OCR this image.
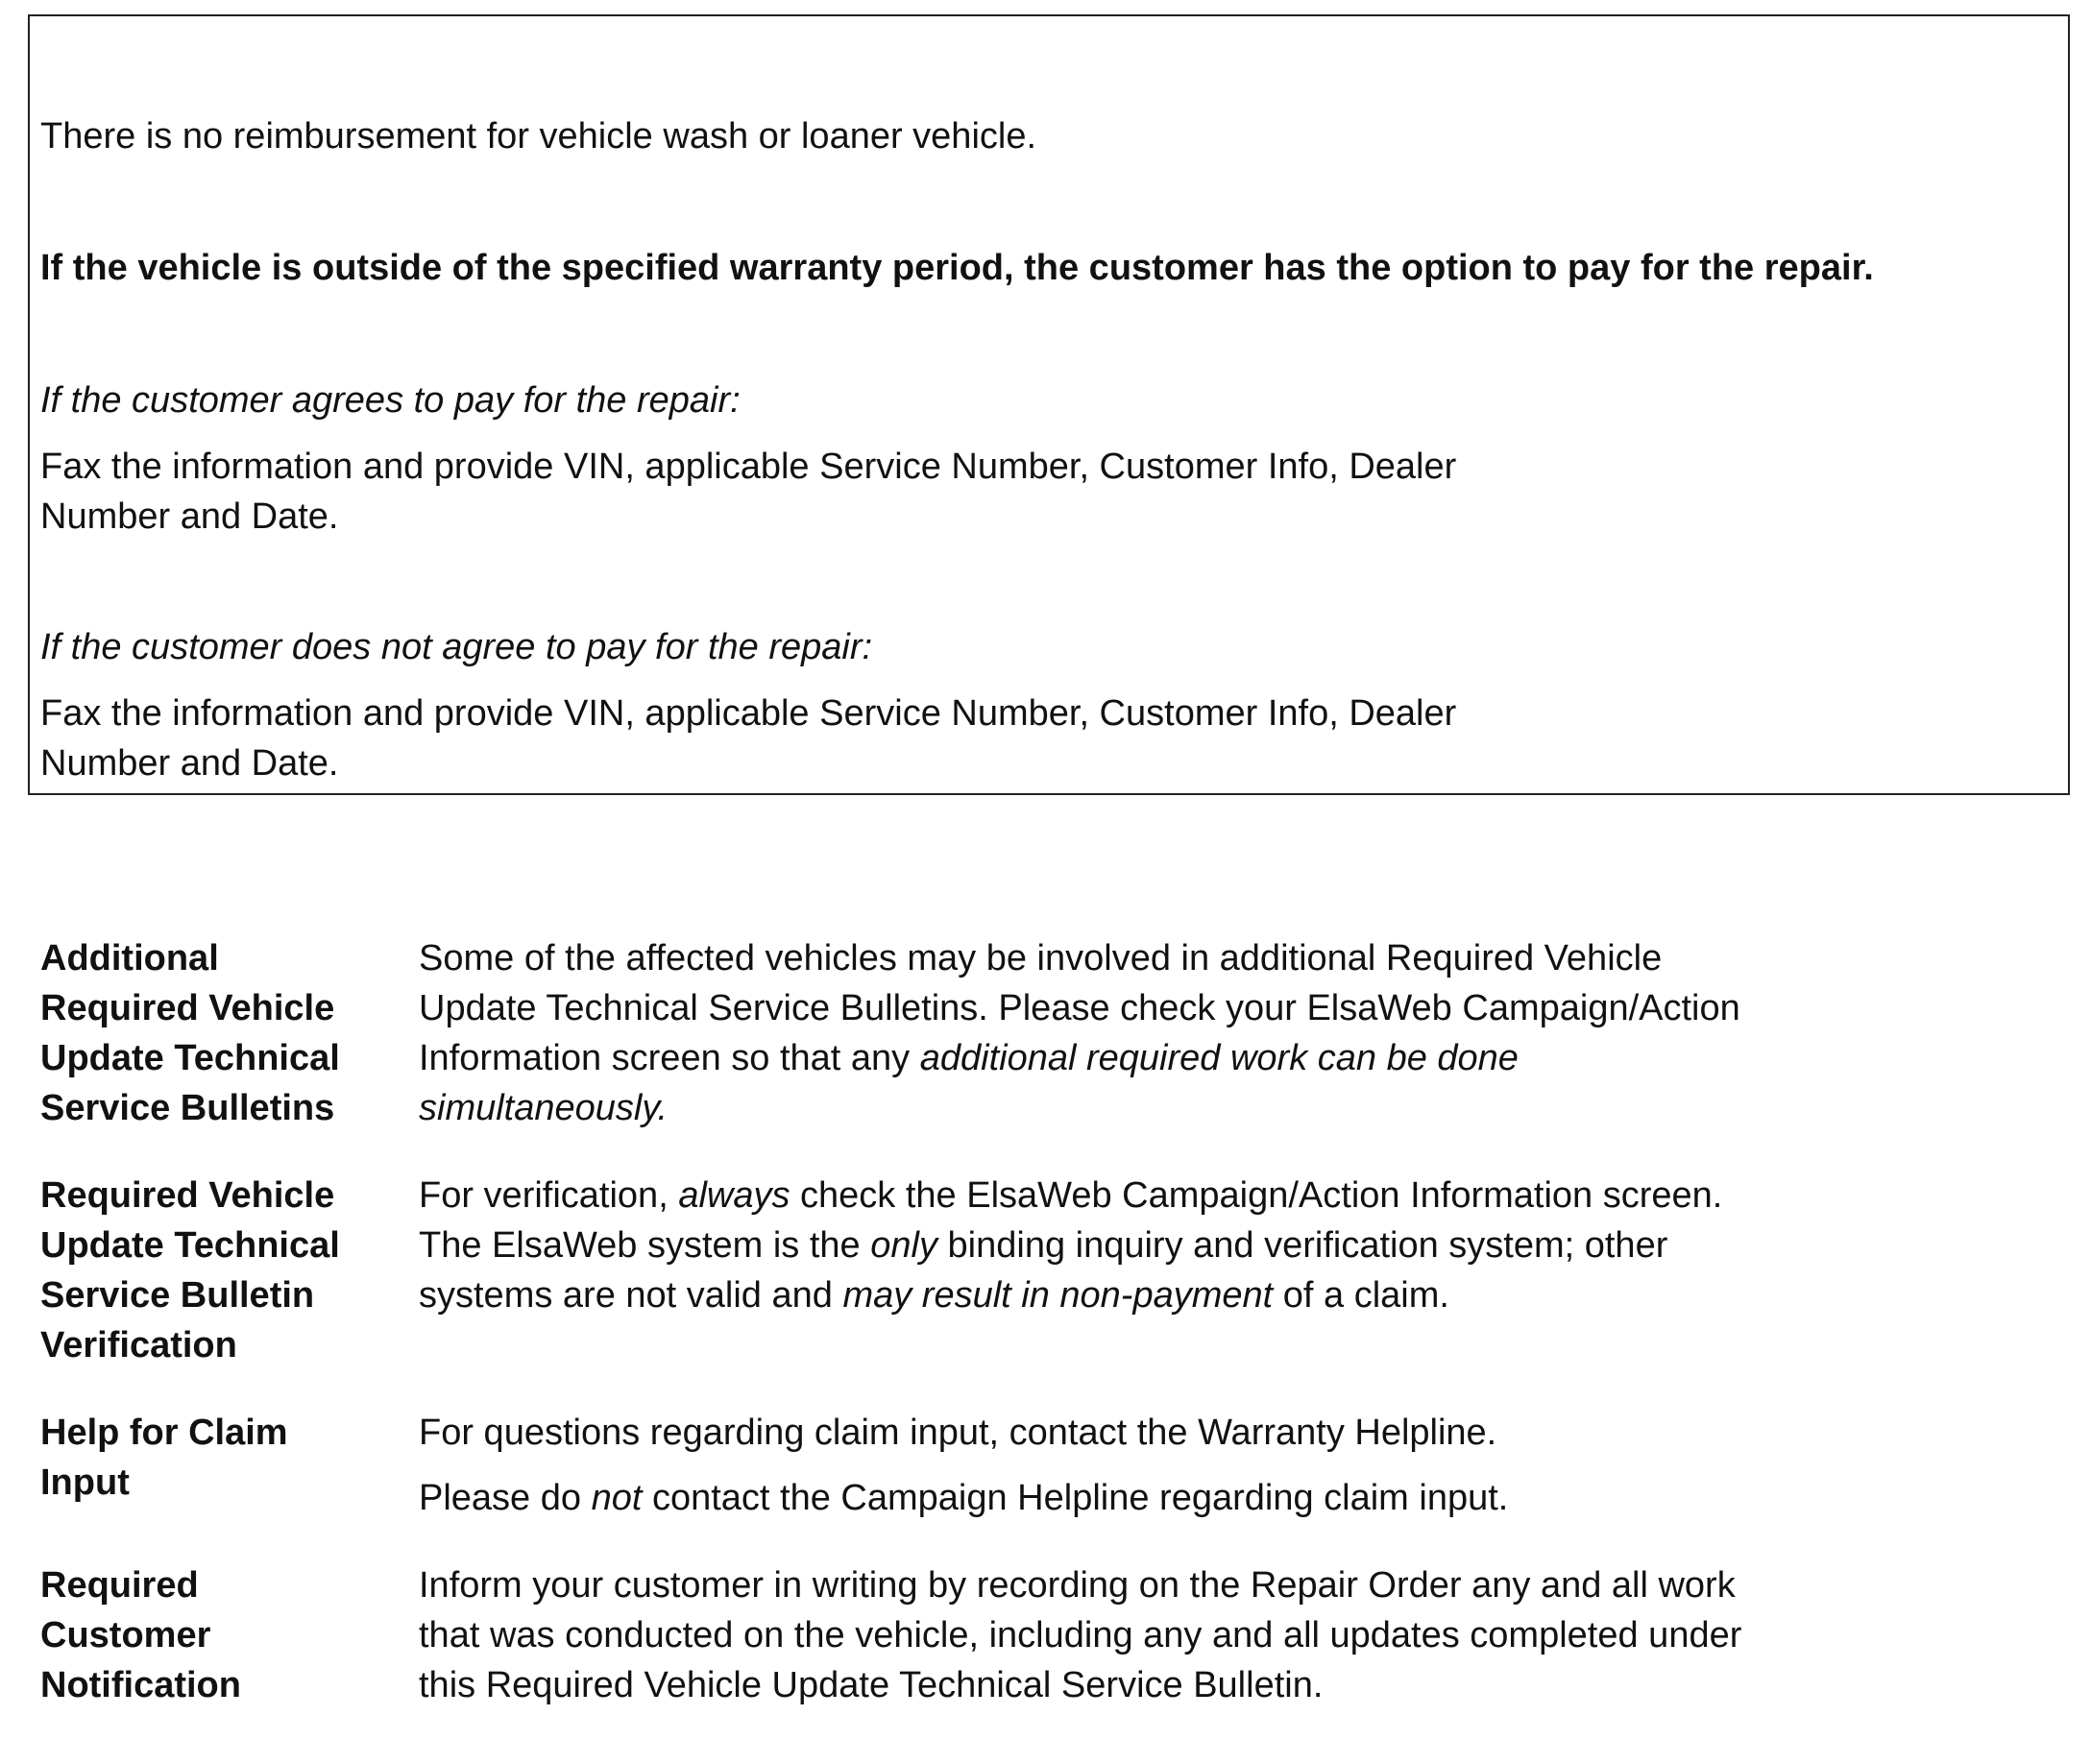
There is no reimbursement for vehicle wash or loaner vehicle.

If the vehicle is outside of the specified warranty period, the customer has the option to pay for the repair.

If the customer agrees to pay for the repair:

Fax the information and provide VIN, applicable Service Number, Customer Info, Dealer

Number and Date.

If the customer does not agree to pay for the repair:

Fax the information and provide VIN, applicable Service Number, Customer Info, Dealer

Number and Date.

Additional
Required Vehicle
Update Technical
Service Bulletins

Some of the affected vehicles may be involved in additional Required Vehicle Update Technical Service Bulletins. Please check your ElsaWeb Campaign/Action Information screen so that any additional required work can be done simultaneously.

Required Vehicle
Update Technical
Service Bulletin
Verification

For verification, always check the ElsaWeb Campaign/Action Information screen. The ElsaWeb system is the only binding inquiry and verification system; other systems are not valid and may result in non-payment of a claim.

Help for Claim
Input

For questions regarding claim input, contact the Warranty Helpline.

Please do not contact the Campaign Helpline regarding claim input.

Required
Customer
Notification

Inform your customer in writing by recording on the Repair Order any and all work that was conducted on the vehicle, including any and all updates completed under this Required Vehicle Update Technical Service Bulletin.
